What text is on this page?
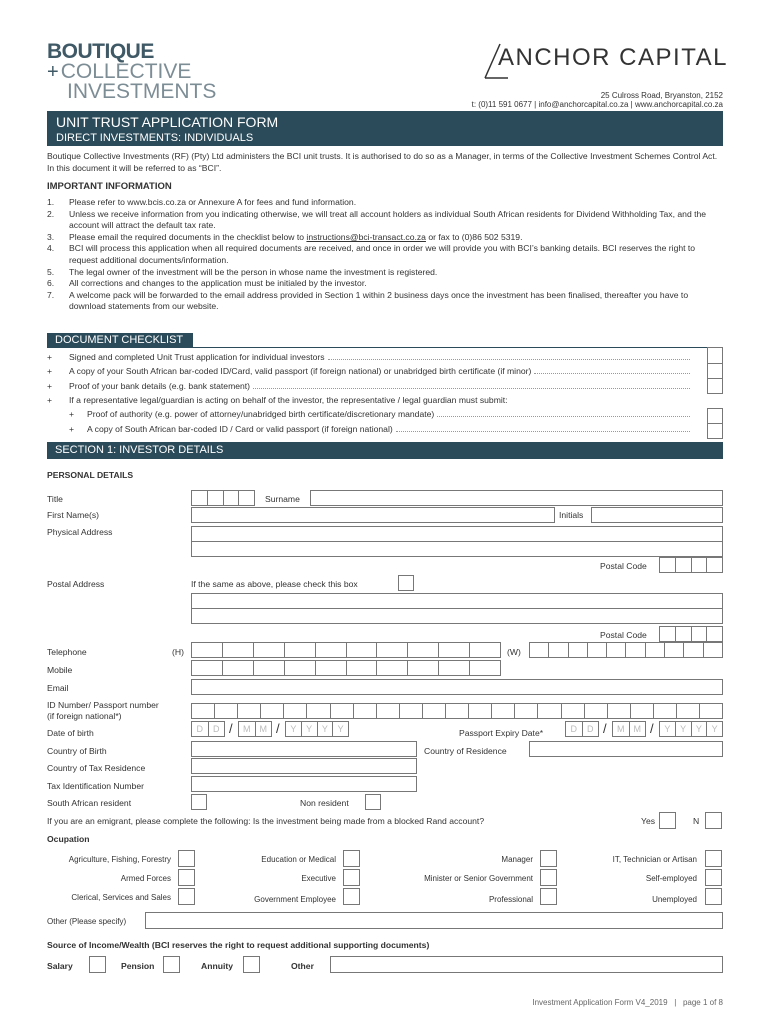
BOUTIQUE
+ COLLECTIVE
INVESTMENTS
ANCHOR CAPITAL
25 Culross Road, Bryanston, 2152
t: (0)11 591 0677 | info@anchorcapital.co.za | www.anchorcapital.co.za
UNIT TRUST APPLICATION FORM
DIRECT INVESTMENTS: INDIVIDUALS
Boutique Collective Investments (RF) (Pty) Ltd administers the BCI unit trusts. It is authorised to do so as a Manager, in terms of the Collective Investment Schemes Control Act. In this document it will be referred to as “BCI”.
IMPORTANT INFORMATION
1.	Please refer to www.bcis.co.za or Annexure A for fees and fund information.
2.	Unless we receive information from you indicating otherwise, we will treat all account holders as individual South African residents for Dividend Withholding Tax, and the account will attract the default tax rate.
3.	Please email the required documents in the checklist below to instructions@bci-transact.co.za or fax to (0)86 502 5319.
4.	BCI will process this application when all required documents are received, and once in order we will provide you with BCI’s banking details. BCI reserves the right to request additional documents/information.
5.	The legal owner of the investment will be the person in whose name the investment is registered.
6.	All corrections and changes to the application must be initialed by the investor.
7.	A welcome pack will be forwarded to the email address provided in Section 1 within 2 business days once the investment has been finalised, thereafter you have to download statements from our website.
DOCUMENT CHECKLIST
+	Signed and completed Unit Trust application for individual investors
+	A copy of your South African bar-coded ID/Card, valid passport (if foreign national) or unabridged birth certificate (if minor)
+	Proof of your bank details (e.g. bank statement)
+	If a representative legal/guardian is acting on behalf of the investor, the representative / legal guardian must submit:
+	Proof of authority (e.g. power of attorney/unabridged birth certificate/discretionary mandate)
+	A copy of South African bar-coded ID / Card or valid passport (if foreign national)
SECTION 1: INVESTOR DETAILS
PERSONAL DETAILS
Title	Surname
First Name(s)	Initials
Physical Address
Postal Code
Postal Address	If the same as above, please check this box
Postal Code
Telephone	(H)	(W)
Mobile
Email
ID Number/ Passport number
(if foreign national*)
Date of birth	D	D /	M	M /	Y	Y	Y	Y	Passport Expiry Date*	D	D /	M	M /	Y	Y	Y	Y
Country of Birth	Country of Residence
Country of Tax Residence
Tax Identification Number
South African resident	Non resident
If you are an emigrant, please complete the following: Is the investment being made from a blocked Rand account?	Yes	N
Ocupation
Agriculture, Fishing, Forestry	Education or Medical	Manager	IT, Technician or Artisan
Armed Forces	Executive	Minister or Senior Government	Self-employed
Clerical, Services and Sales	Government Employee	Professional	Unemployed
Other (Please specify)
Source of Income/Wealth (BCI reserves the right to request additional supporting documents)
Salary	Pension	Annuity	Other
Investment Application Form V4_2019   |   page 1 of 8
